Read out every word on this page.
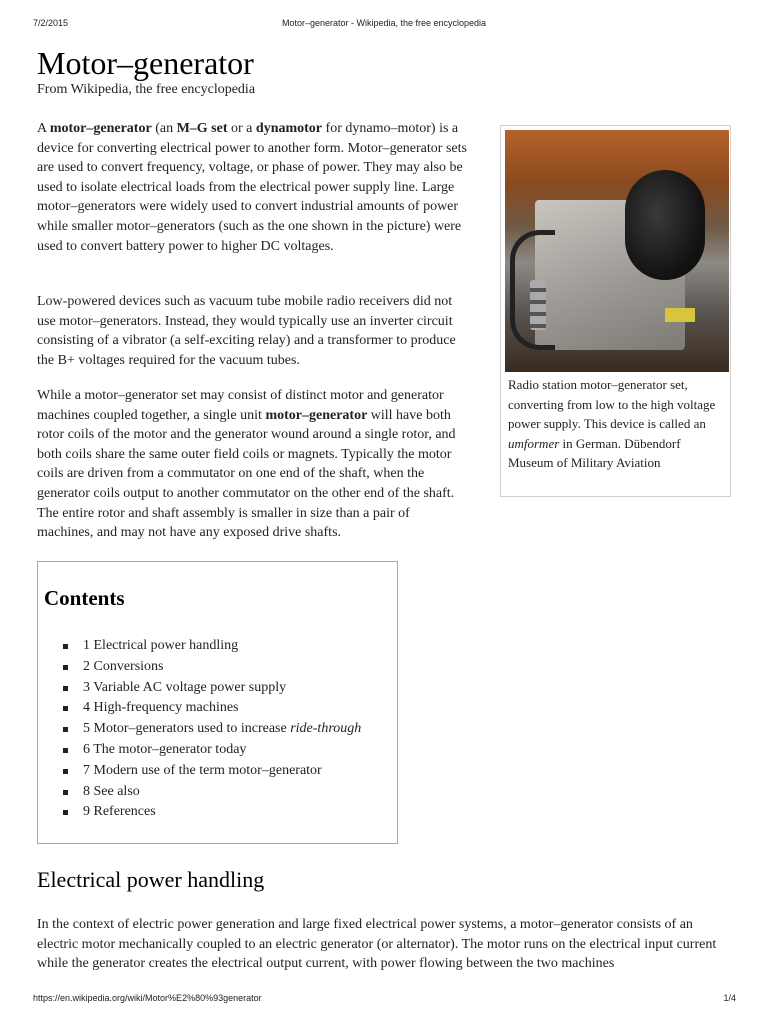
7/2/2015	Motor–generator - Wikipedia, the free encyclopedia
Motor–generator
From Wikipedia, the free encyclopedia

A motor–generator (an M–G set or a dynamotor for dynamo–motor) is a device for converting electrical power to another form. Motor–generator sets are used to convert frequency, voltage, or phase of power. They may also be used to isolate electrical loads from the electrical power supply line. Large motor–generators were widely used to convert industrial amounts of power while smaller motor–generators (such as the one shown in the picture) were used to convert battery power to higher DC voltages.

Low-powered devices such as vacuum tube mobile radio receivers did not use motor–generators. Instead, they would typically use an inverter circuit consisting of a vibrator (a self-exciting relay) and a transformer to produce the B+ voltages required for the vacuum tubes.

While a motor–generator set may consist of distinct motor and generator machines coupled together, a single unit motor–generator will have both rotor coils of the motor and the generator wound around a single rotor, and both coils share the same outer field coils or magnets. Typically the motor coils are driven from a commutator on one end of the shaft, when the generator coils output to another commutator on the other end of the shaft. The entire rotor and shaft assembly is smaller in size than a pair of machines, and may not have any exposed drive shafts.

Radio station motor–generator set, converting from low to the high voltage power supply. This device is called an umformer in German. Dübendorf Museum of Military Aviation
Contents
1 Electrical power handling
2 Conversions
3 Variable AC voltage power supply
4 High-frequency machines
5 Motor–generators used to increase ride-through
6 The motor–generator today
7 Modern use of the term motor–generator
8 See also
9 References
Electrical power handling

In the context of electric power generation and large fixed electrical power systems, a motor–generator consists of an electric motor mechanically coupled to an electric generator (or alternator). The motor runs on the electrical input current while the generator creates the electrical output current, with power flowing between the two machines

https://en.wikipedia.org/wiki/Motor%E2%80%93generator	1/4
